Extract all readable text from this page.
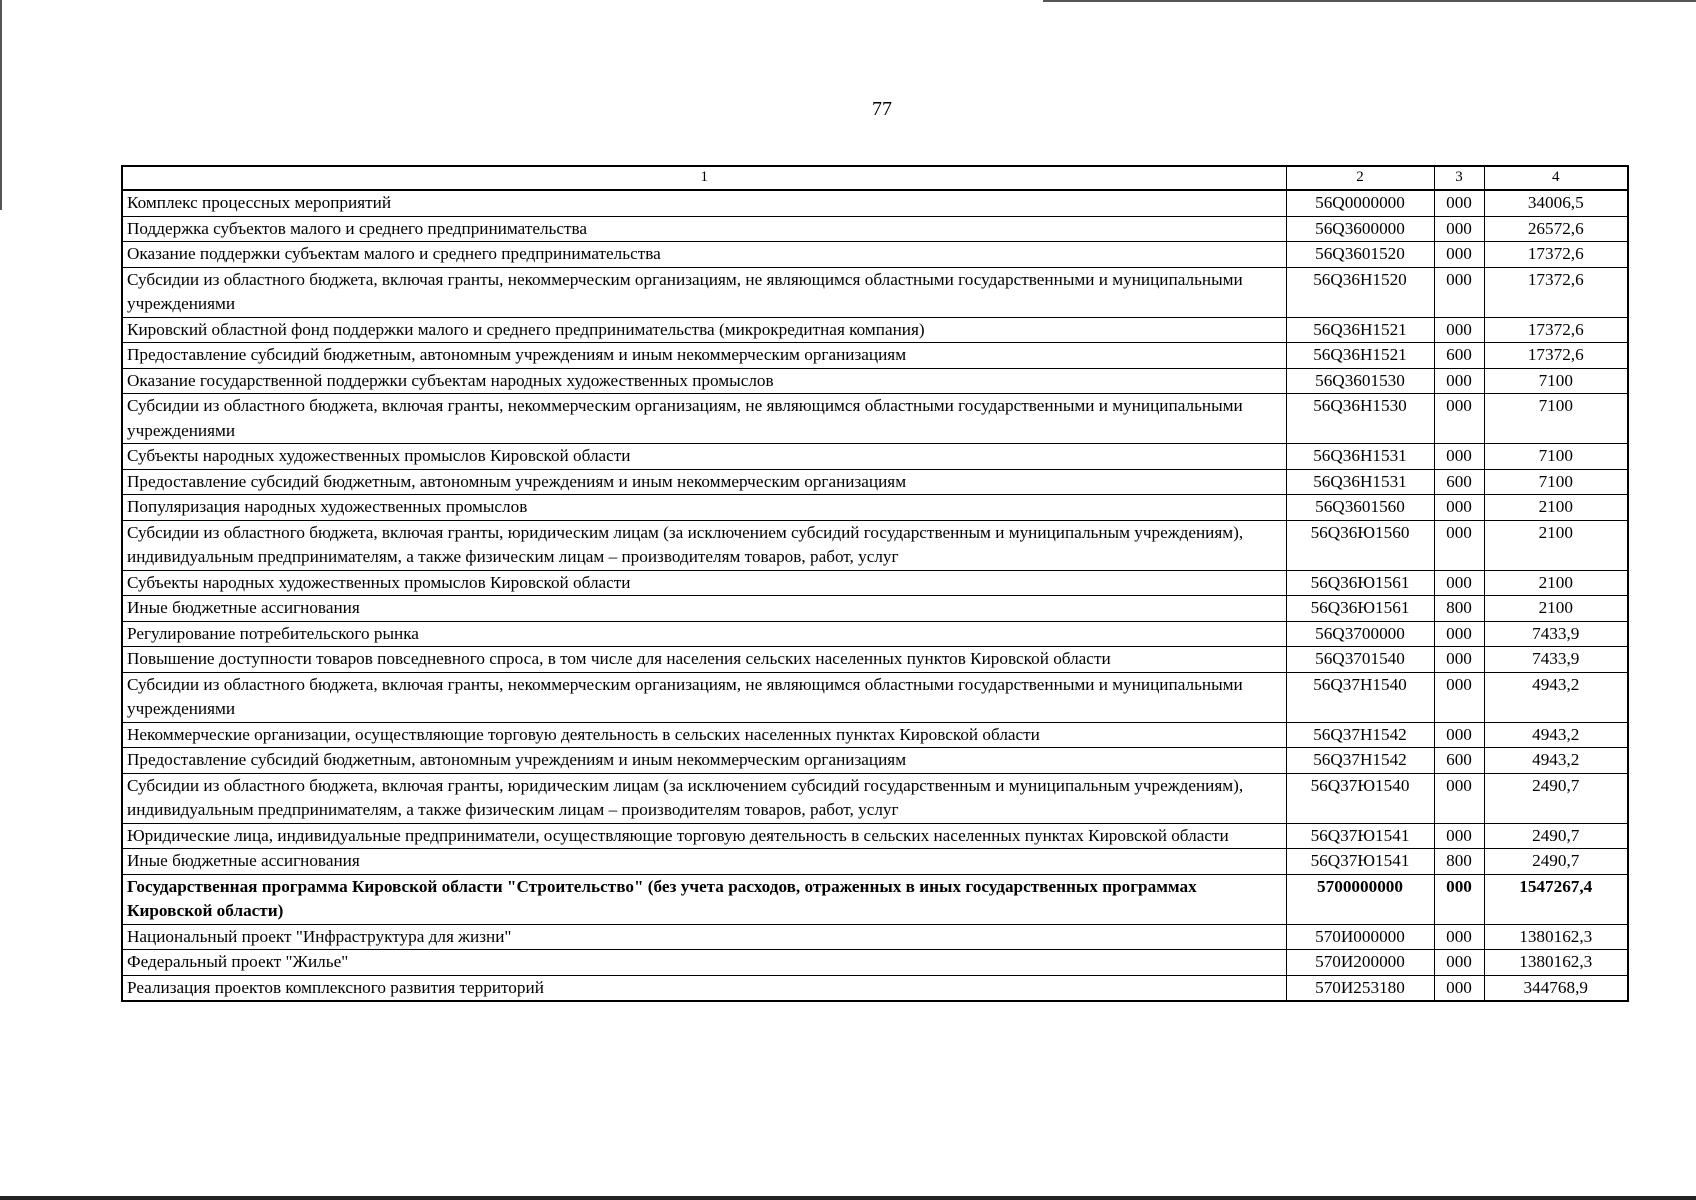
77
1	2	3	4
Комплекс процессных мероприятий	56Q0000000	000	34006,5
Поддержка субъектов малого и среднего предпринимательства	56Q3600000	000	26572,6
Оказание поддержки субъектам малого и среднего предпринимательства	56Q3601520	000	17372,6
Субсидии из областного бюджета, включая гранты, некоммерческим организациям, не являющимся областными государственными и муниципальными учреждениями	56Q36Н1520	000	17372,6
Кировский областной фонд поддержки малого и среднего предпринимательства (микрокредитная компания)	56Q36Н1521	000	17372,6
Предоставление субсидий бюджетным, автономным учреждениям и иным некоммерческим организациям	56Q36Н1521	600	17372,6
Оказание государственной поддержки субъектам народных художественных промыслов	56Q3601530	000	7100
Субсидии из областного бюджета, включая гранты, некоммерческим организациям, не являющимся областными государственными и муниципальными учреждениями	56Q36Н1530	000	7100
Субъекты народных художественных промыслов Кировской области	56Q36Н1531	000	7100
Предоставление субсидий бюджетным, автономным учреждениям и иным некоммерческим организациям	56Q36Н1531	600	7100
Популяризация народных художественных промыслов	56Q3601560	000	2100
Субсидии из областного бюджета, включая гранты, юридическим лицам (за исключением субсидий государственным и муниципальным учреждениям), индивидуальным предпринимателям, а также физическим лицам – производителям товаров, работ, услуг	56Q36Ю1560	000	2100
Субъекты народных художественных промыслов Кировской области	56Q36Ю1561	000	2100
Иные бюджетные ассигнования	56Q36Ю1561	800	2100
Регулирование потребительского рынка	56Q3700000	000	7433,9
Повышение доступности товаров повседневного спроса, в том числе для населения сельских населенных пунктов Кировской области	56Q3701540	000	7433,9
Субсидии из областного бюджета, включая гранты, некоммерческим организациям, не являющимся областными государственными и муниципальными учреждениями	56Q37Н1540	000	4943,2
Некоммерческие организации, осуществляющие торговую деятельность в сельских населенных пунктах Кировской области	56Q37Н1542	000	4943,2
Предоставление субсидий бюджетным, автономным учреждениям и иным некоммерческим организациям	56Q37Н1542	600	4943,2
Субсидии из областного бюджета, включая гранты, юридическим лицам (за исключением субсидий государственным и муниципальным учреждениям), индивидуальным предпринимателям, а также физическим лицам – производителям товаров, работ, услуг	56Q37Ю1540	000	2490,7
Юридические лица, индивидуальные предприниматели, осуществляющие торговую деятельность в сельских населенных пунктах Кировской области	56Q37Ю1541	000	2490,7
Иные бюджетные ассигнования	56Q37Ю1541	800	2490,7
Государственная программа Кировской области "Строительство" (без учета расходов, отраженных в иных государственных программах Кировской области)	5700000000	000	1547267,4
Национальный проект "Инфраструктура для жизни"	570И000000	000	1380162,3
Федеральный проект "Жилье"	570И200000	000	1380162,3
Реализация проектов комплексного развития территорий	570И253180	000	344768,9
